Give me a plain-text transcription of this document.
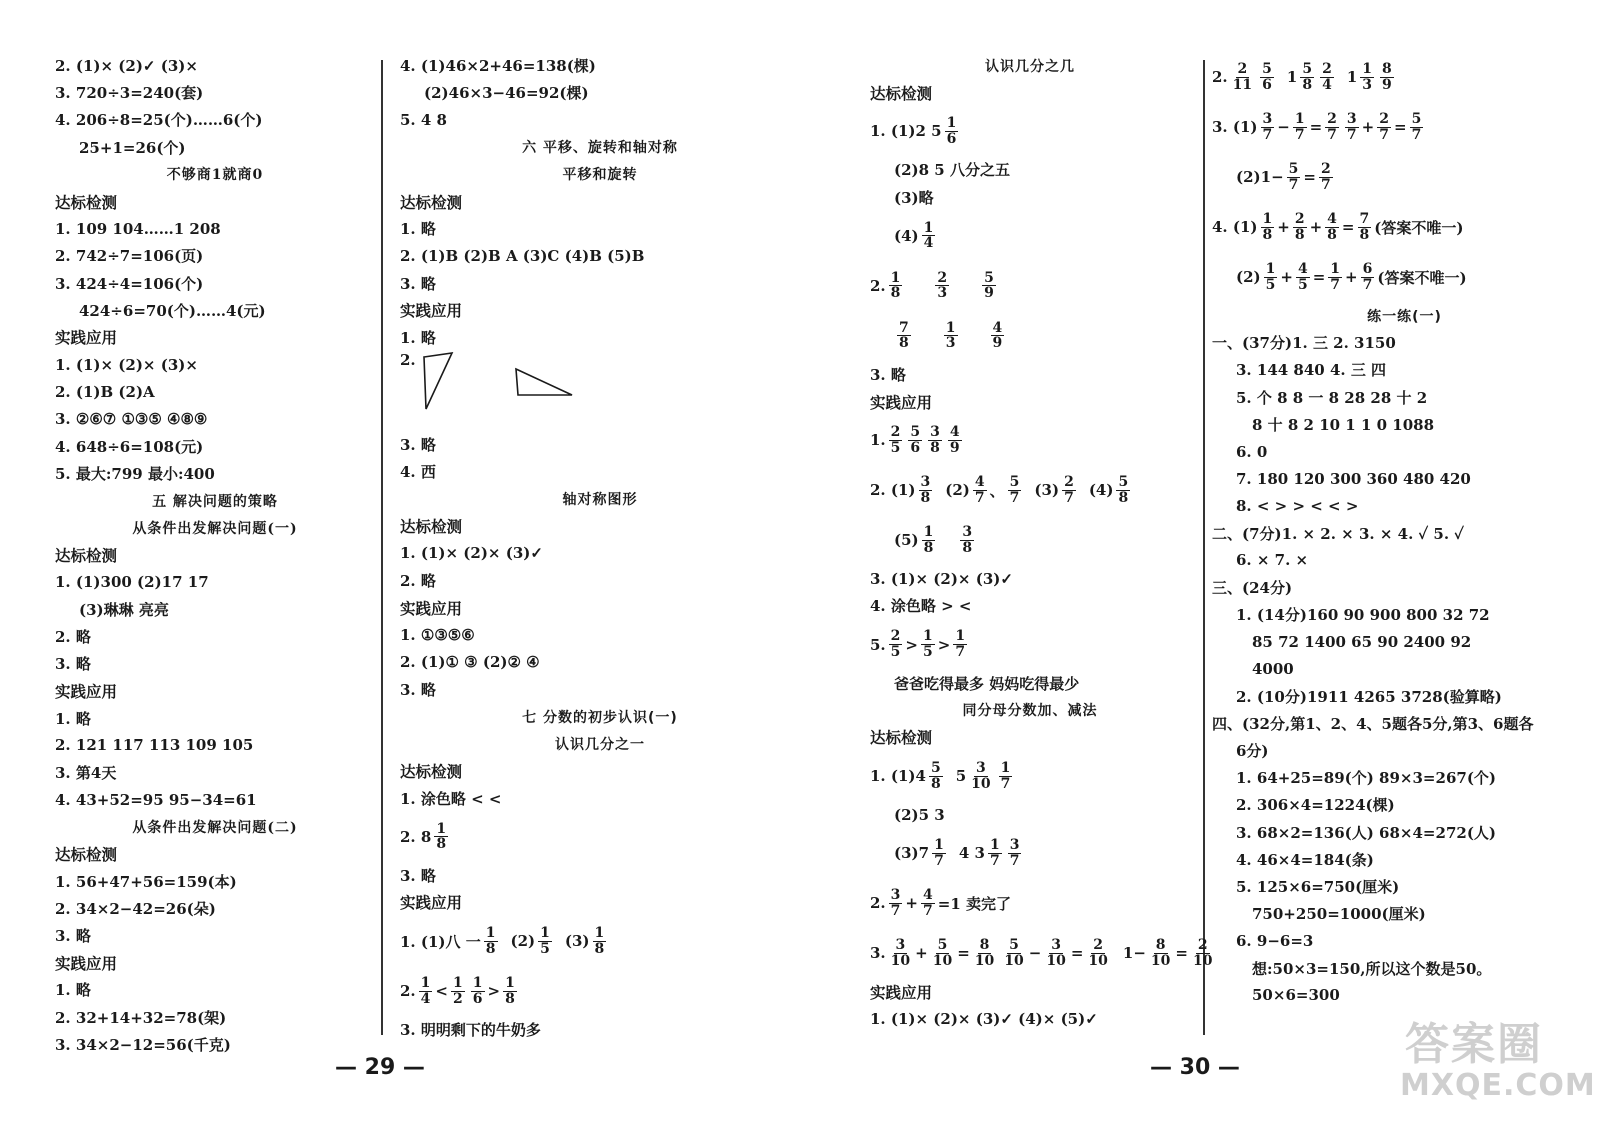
2. (1)× (2)✓ (3)×
3. 720÷3=240(套)
4. 206÷8=25(个)……6(个)
25+1=26(个)
不够商1就商0
达标检测
1. 109 104……1 208
2. 742÷7=106(页)
3. 424÷4=106(个)
424÷6=70(个)……4(元)
实践应用
1. (1)× (2)× (3)×
2. (1)B (2)A
3. ②⑥⑦ ①③⑤ ④⑧⑨
4. 648÷6=108(元)
5. 最大:799 最小:400
五 解决问题的策略
从条件出发解决问题(一)
达标检测
1. (1)300 (2)17 17
(3)琳琳 亮亮
2. 略
3. 略
实践应用
1. 略
2. 121 117 113 109 105
3. 第4天
4. 43+52=95 95−34=61
从条件出发解决问题(二)
达标检测
1. 56+47+56=159(本)
2. 34×2−42=26(朵)
3. 略
实践应用
1. 略
2. 32+14+32=78(架)
3. 34×2−12=56(千克)
4. (1)46×2+46=138(棵)
(2)46×3−46=92(棵)
5. 4 8
六 平移、旋转和轴对称
平移和旋转
达标检测
1. 略
2. (1)B (2)B A (3)C (4)B (5)B
3. 略
实践应用
1. 略
2.
3. 略
4. 西
轴对称图形
达标检测
1. (1)× (2)× (3)✓
2. 略
实践应用
1. ①③⑤⑥
2. (1)① ③ (2)② ④
3. 略
七 分数的初步认识(一)
认识几分之一
达标检测
1. 涂色略 < <
2. 8 1
8
3. 略
实践应用
1. (1)八 一 1
8 (2) 1
5 (3) 1
8
2. 1
4 < 1
2
1
6 > 1
8
3. 明明剩下的牛奶多
认识几分之几
达标检测
1. (1)2 5 1
6
(2)8 5 八分之五
(3)略
(4) 1
4
2. 1
8
2
3
5
9
7
8
1
3
4
9
3. 略
实践应用
1. 2
5
5
6
3
8
4
9
2. (1) 3
8 (2) 4
7 、 5
7 (3) 2
7 (4) 5
8
(5) 1
8
3
8
3. (1)× (2)× (3)✓
4. 涂色略 > <
5. 2
5 > 1
5 > 1
7
爸爸吃得最多 妈妈吃得最少
同分母分数加、减法
达标检测
1. (1)4 5
8 5 3
10
1
7
(2)5 3
(3)7 1
7 4 3 1
7
3
7
2. 3
$7 + \frac{4}{7} =1$ 卖完了
3. 3
$10 + \frac{5}{10} = \frac{8}{10} 5$
$10 - \frac{3}{10} = \frac{2}{10} 1- \frac{8}{10} = \frac{2}{10}$
实践应用
1. (1)× (2)× (3)✓ (4)× (5)✓
2. 2
11
5
6 1 5
8
2
4 1 1
3
8
9
3. (1) 3
$7 - \frac{1}{7} = \frac{2}{7} 3$
$7 + \frac{2}{7} = \frac{5}{7}$
$(2)1- \frac{5}{7} = \frac{2}{7}$
4. (1) 1
$8 + \frac{2}{8} + \frac{4}{8} = \frac{7}{8}$ (答案不唯一)
(2) 1
$5 + \frac{4}{5} = \frac{1}{7} + \frac{6}{7}$ (答案不唯一)
练一练(一)
一、(37分)1. 三 2. 3150
3. 144 840 4. 三 四
5. 个 8 8 一 8 28 28 十 2
8 十 8 2 10 1 1 0 1088
6. 0
7. 180 120 300 360 480 420
8. < > > < < >
二、(7分)1. × 2. × 3. × 4. ✓ 5. ✓
6. × 7. ×
三、(24分)
1. (14分)160 90 900 800 32 72
85 72 1400 65 90 2400 92
4000
2. (10分)1911 4265 3728(验算略)
四、(32分,第1、2、4、5题各5分,第3、6题各
6分)
1. 64+25=89(个) 89×3=267(个)
2. 306×4=1224(棵)
3. 68×2=136(人) 68×4=272(人)
4. 46×4=184(条)
5. 125×6=750(厘米)
750+250=1000(厘米)
6. 9−6=3
想:50×3=150,所以这个数是50。
50×6=300
— 29 —	— 30 —	答案圈
MXQE.COM
